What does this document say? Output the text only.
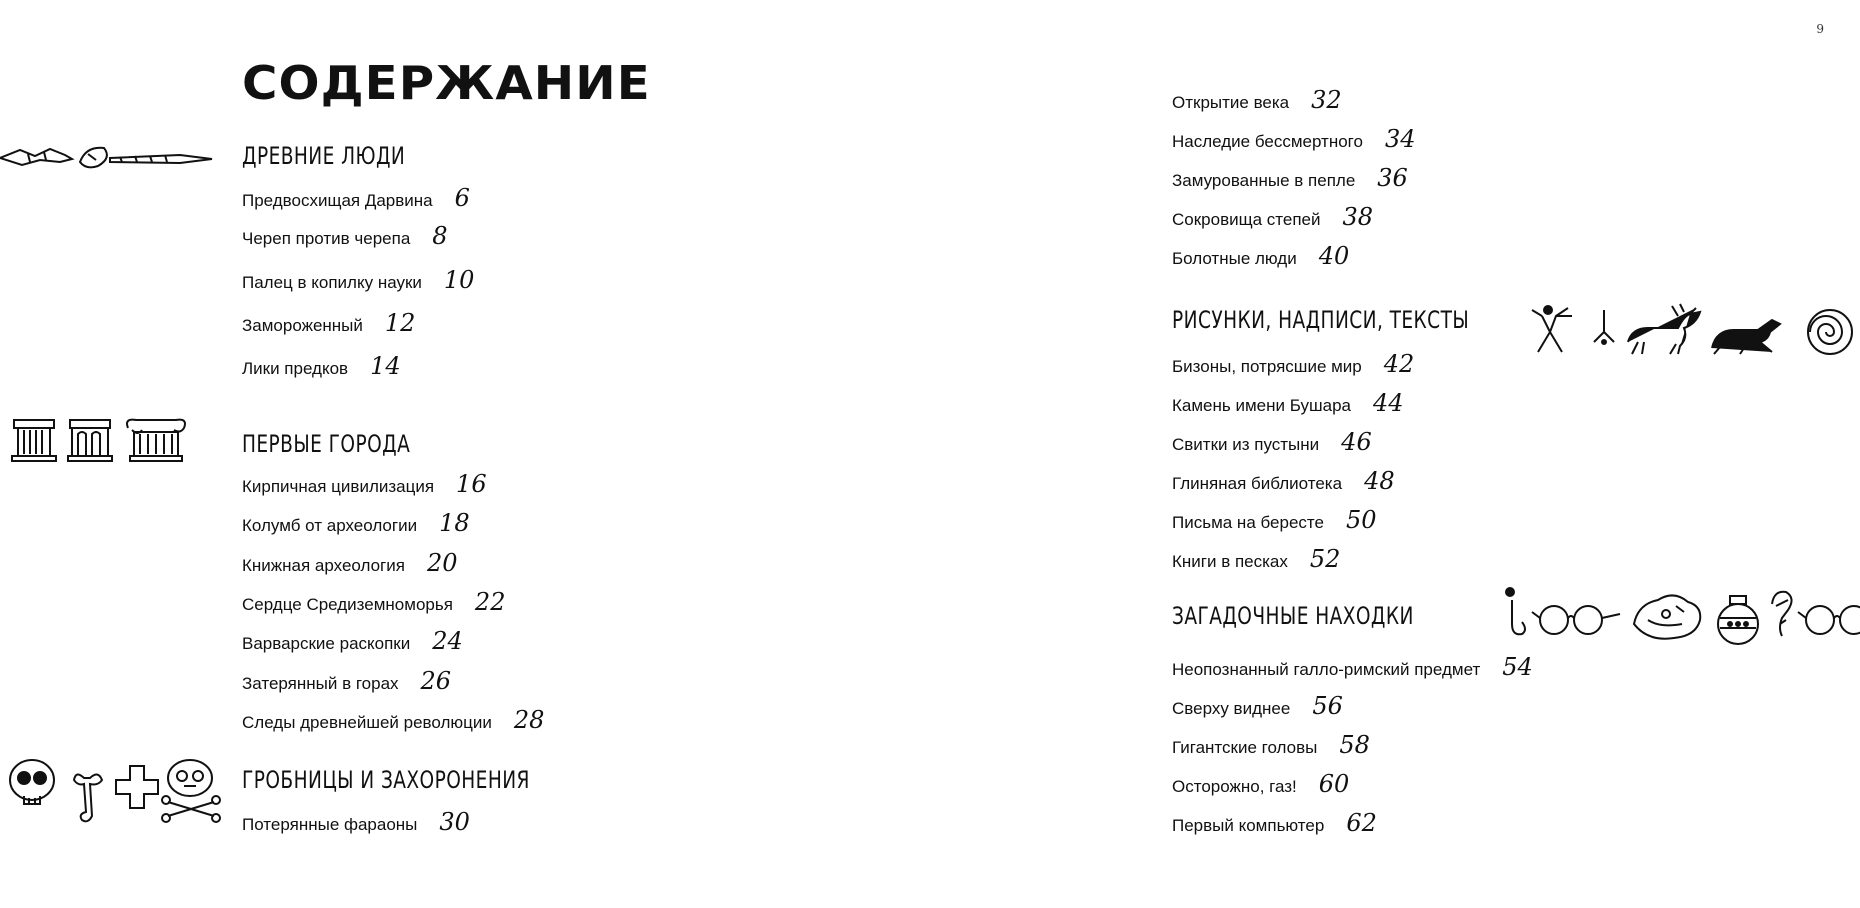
9
СОДЕРЖАНИЕ
ДРЕВНИЕ ЛЮДИ
Предвосхищая Дарвина 6
Череп против черепа 8
Палец в копилку науки 10
Замороженный 12
Лики предков 14
ПЕРВЫЕ ГОРОДА
Кирпичная цивилизация 16
Колумб от археологии 18
Книжная археология 20
Сердце Средиземноморья 22
Варварские раскопки 24
Затерянный в горах 26
Следы древнейшей революции 28
ГРОБНИЦЫ И ЗАХОРОНЕНИЯ
Потерянные фараоны 30
Открытие века 32
Наследие бессмертного 34
Замурованные в пепле 36
Сокровища степей 38
Болотные люди 40
РИСУНКИ, НАДПИСИ, ТЕКСТЫ
Бизоны, потрясшие мир 42
Камень имени Бушара 44
Свитки из пустыни 46
Глиняная библиотека 48
Письма на бересте 50
Книги в песках 52
ЗАГАДОЧНЫЕ НАХОДКИ
Неопознанный галло-римский предмет 54
Сверху виднее 56
Гигантские головы 58
Осторожно, газ! 60
Первый компьютер 62
